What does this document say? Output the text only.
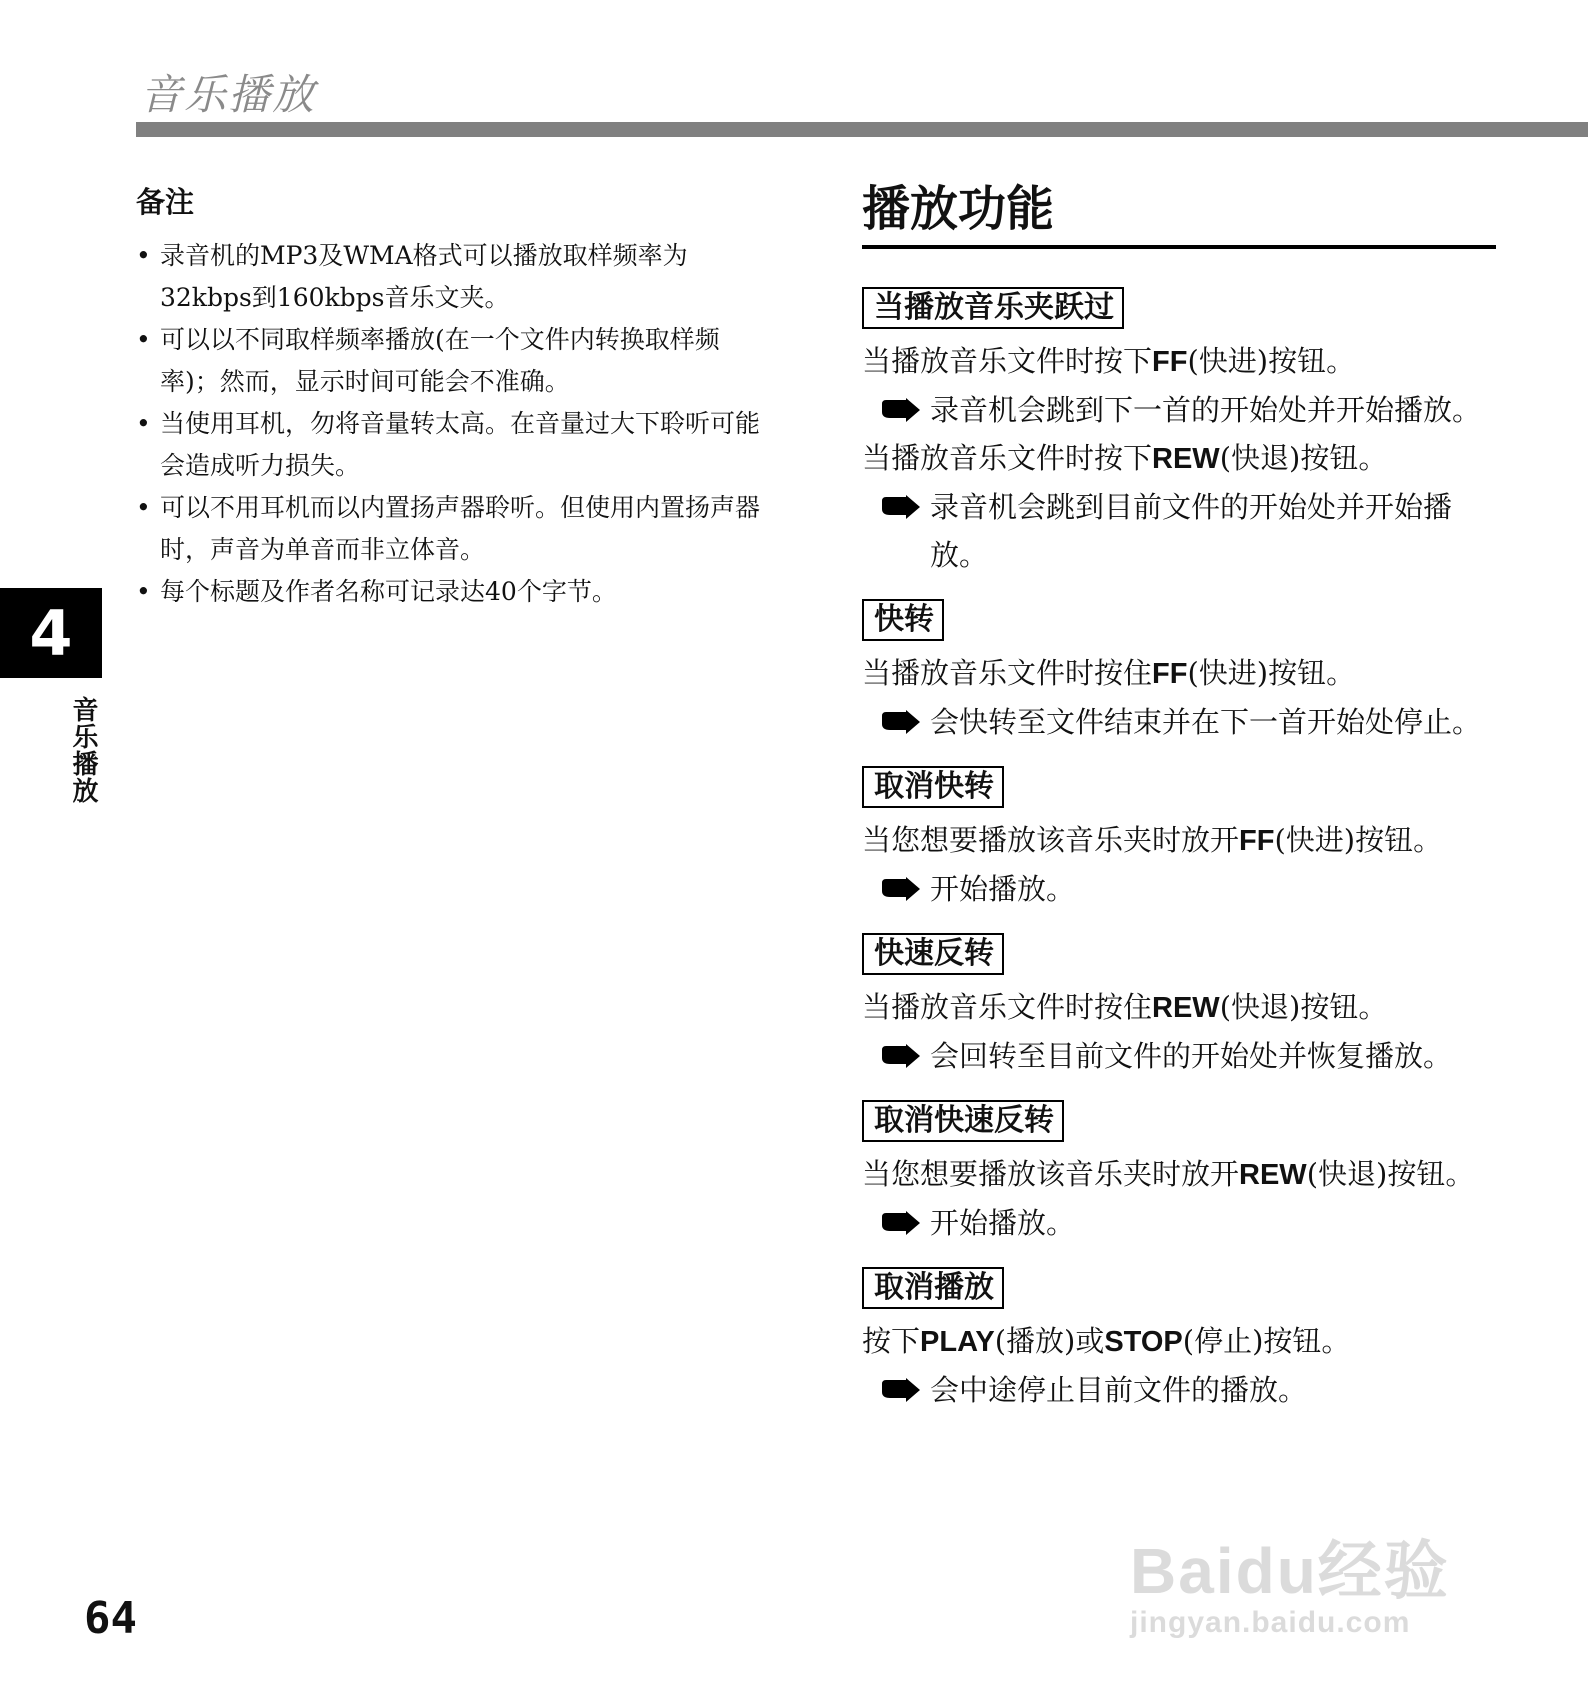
音乐播放
4
音乐播放
64
备注
• 录音机的MP3及WMA格式可以播放取样频率为32kbps到160kbps音乐文夹。
• 可以以不同取样频率播放(在一个文件内转换取样频率)；然而，显示时间可能会不准确。
• 当使用耳机，勿将音量转太高。在音量过大下聆听可能会造成听力损失。
• 可以不用耳机而以内置扬声器聆听。但使用内置扬声器时，声音为单音而非立体音。
• 每个标题及作者名称可记录达40个字节。
播放功能
当播放音乐夹跃过

当播放音乐文件时按下FF(快进)按钮。

录音机会跳到下一首的开始处并开始播放。

当播放音乐文件时按下REW(快退)按钮。

录音机会跳到目前文件的开始处并开始播放。

快转

当播放音乐文件时按住FF(快进)按钮。

会快转至文件结束并在下一首开始处停止。

取消快转

当您想要播放该音乐夹时放开FF(快进)按钮。

开始播放。

快速反转

当播放音乐文件时按住REW(快退)按钮。

会回转至目前文件的开始处并恢复播放。

取消快速反转

当您想要播放该音乐夹时放开REW(快退)按钮。

开始播放。

取消播放

按下PLAY(播放)或STOP(停止)按钮。

会中途停止目前文件的播放。

Baidu经验
jingyan.baidu.com
